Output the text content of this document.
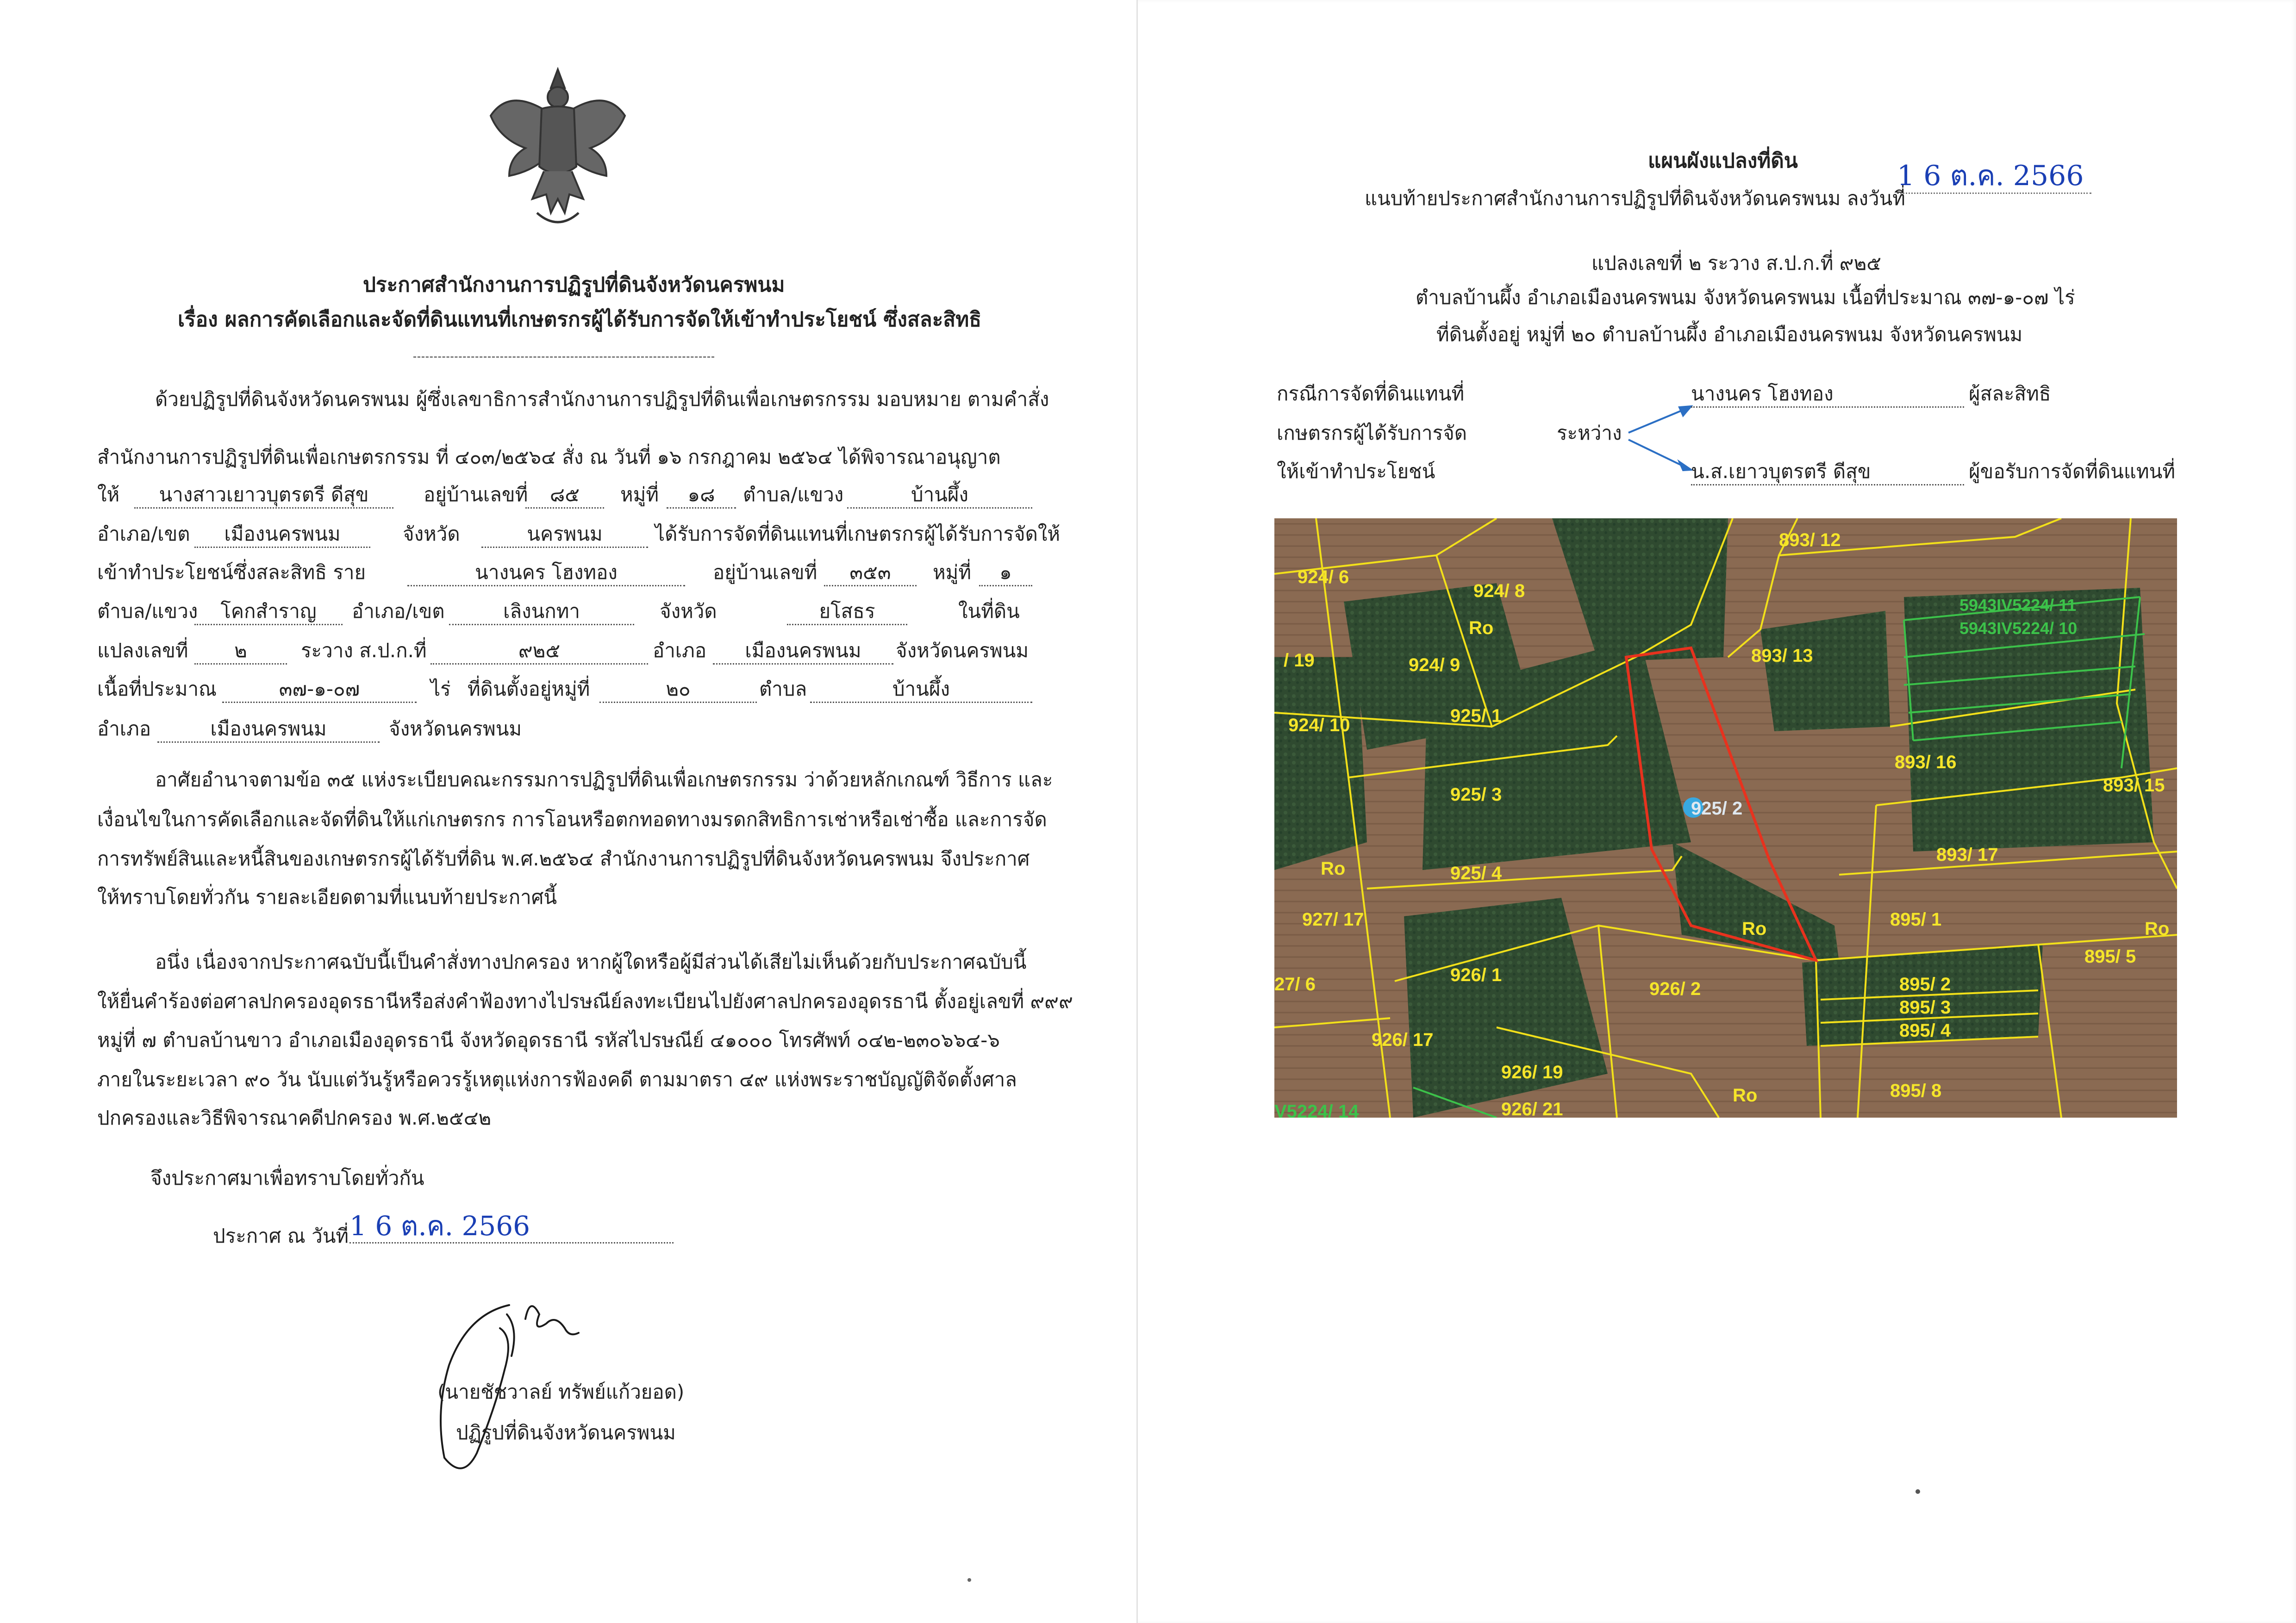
ประกาศสำนักงานการปฏิรูปที่ดินจังหวัดนครพนม
เรื่อง ผลการคัดเลือกและจัดที่ดินแทนที่เกษตรกรผู้ได้รับการจัดให้เข้าทำประโยชน์ ซึ่งสละสิทธิ
ด้วยปฏิรูปที่ดินจังหวัดนครพนม ผู้ซึ่งเลขาธิการสำนักงานการปฏิรูปที่ดินเพื่อเกษตรกรรม มอบหมาย ตามคำสั่ง
สำนักงานการปฏิรูปที่ดินเพื่อเกษตรกรรม ที่ ๔๐๓/๒๕๖๔ สั่ง ณ วันที่ ๑๖ กรกฎาคม ๒๕๖๔ ได้พิจารณาอนุญาต
ให้	นางสาวเยาวบุตรตรี ดีสุข	อยู่บ้านเลขที่	๘๕	หมู่ที่	๑๘	ตำบล/แขวง	บ้านผึ้ง
อำเภอ/เขต	เมืองนครพนม	จังหวัด	นครพนม	ได้รับการจัดที่ดินแทนที่เกษตรกรผู้ได้รับการจัดให้
เข้าทำประโยชน์ซึ่งสละสิทธิ ราย	นางนคร โฮงทอง	อยู่บ้านเลขที่	๓๕๓	หมู่ที่	๑
ตำบล/แขวง	โคกสำราญ	อำเภอ/เขต	เลิงนกทา	จังหวัด	ยโสธร	ในที่ดิน
แปลงเลขที่	๒	ระวาง ส.ป.ก.ที่	๙๒๕	อำเภอ	เมืองนครพนม	จังหวัดนครพนม
เนื้อที่ประมาณ	๓๗-๑-๐๗	ไร่ ที่ดินตั้งอยู่หมู่ที่	๒๐	ตำบล	บ้านผึ้ง
อำเภอ	เมืองนครพนม	จังหวัดนครพนม
อาศัยอำนาจตามข้อ ๓๕ แห่งระเบียบคณะกรรมการปฏิรูปที่ดินเพื่อเกษตรกรรม ว่าด้วยหลักเกณฑ์ วิธีการ และ
เงื่อนไขในการคัดเลือกและจัดที่ดินให้แก่เกษตรกร การโอนหรือตกทอดทางมรดกสิทธิการเช่าหรือเช่าซื้อ และการจัด
การทรัพย์สินและหนี้สินของเกษตรกรผู้ได้รับที่ดิน พ.ศ.๒๕๖๔ สำนักงานการปฏิรูปที่ดินจังหวัดนครพนม จึงประกาศ
ให้ทราบโดยทั่วกัน รายละเอียดตามที่แนบท้ายประกาศนี้
อนึ่ง เนื่องจากประกาศฉบับนี้เป็นคำสั่งทางปกครอง หากผู้ใดหรือผู้มีส่วนได้เสียไม่เห็นด้วยกับประกาศฉบับนี้
ให้ยื่นคำร้องต่อศาลปกครองอุดรธานีหรือส่งคำฟ้องทางไปรษณีย์ลงทะเบียนไปยังศาลปกครองอุดรธานี ตั้งอยู่เลขที่ ๙๙๙
หมู่ที่ ๗ ตำบลบ้านขาว อำเภอเมืองอุดรธานี จังหวัดอุดรธานี รหัสไปรษณีย์ ๔๑๐๐๐ โทรศัพท์ ๐๔๒-๒๓๐๖๖๔-๖
ภายในระยะเวลา ๙๐ วัน นับแต่วันรู้หรือควรรู้เหตุแห่งการฟ้องคดี ตามมาตรา ๔๙ แห่งพระราชบัญญัติจัดตั้งศาล
ปกครองและวิธีพิจารณาคดีปกครอง พ.ศ.๒๕๔๒
จึงประกาศมาเพื่อทราบโดยทั่วกัน
ประกาศ ณ วันที่ 1 6 ต.ค. 2566
(นายชัชวาลย์ ทรัพย์แก้วยอด)
ปฏิรูปที่ดินจังหวัดนครพนม
แผนผังแปลงที่ดิน
แนบท้ายประกาศสำนักงานการปฏิรูปที่ดินจังหวัดนครพนม ลงวันที่
1 6 ต.ค. 2566
แปลงเลขที่ ๒ ระวาง ส.ป.ก.ที่ ๙๒๕
ตำบลบ้านผึ้ง อำเภอเมืองนครพนม จังหวัดนครพนม เนื้อที่ประมาณ ๓๗-๑-๐๗ ไร่
ที่ดินตั้งอยู่ หมู่ที่ ๒๐ ตำบลบ้านผึ้ง อำเภอเมืองนครพนม จังหวัดนครพนม
กรณีการจัดที่ดินแทนที่
เกษตรกรผู้ได้รับการจัด
ให้เข้าทำประโยชน์
ระหว่าง
นางนคร โฮงทอง	ผู้สละสิทธิ
น.ส.เยาวบุตรตรี ดีสุข	ผู้ขอรับการจัดที่ดินแทนที่
924/ 6
924/ 8
924/ 9
924/ 10
/ 19
925/ 1
925/ 3
925/ 2
925/ 4
927/ 17
27/ 6	926/ 1
926/ 2
926/ 17
926/ 19
926/ 21
V5224/ 14
893/ 12
893/ 13
893/ 16
893/ 15
893/ 17
895/ 1
895/ 2
895/ 3
895/ 4
895/ 5
895/ 8
5943IV5224/ 11
5943IV5224/ 10
Ro
Ro
Ro
Ro
Ro
